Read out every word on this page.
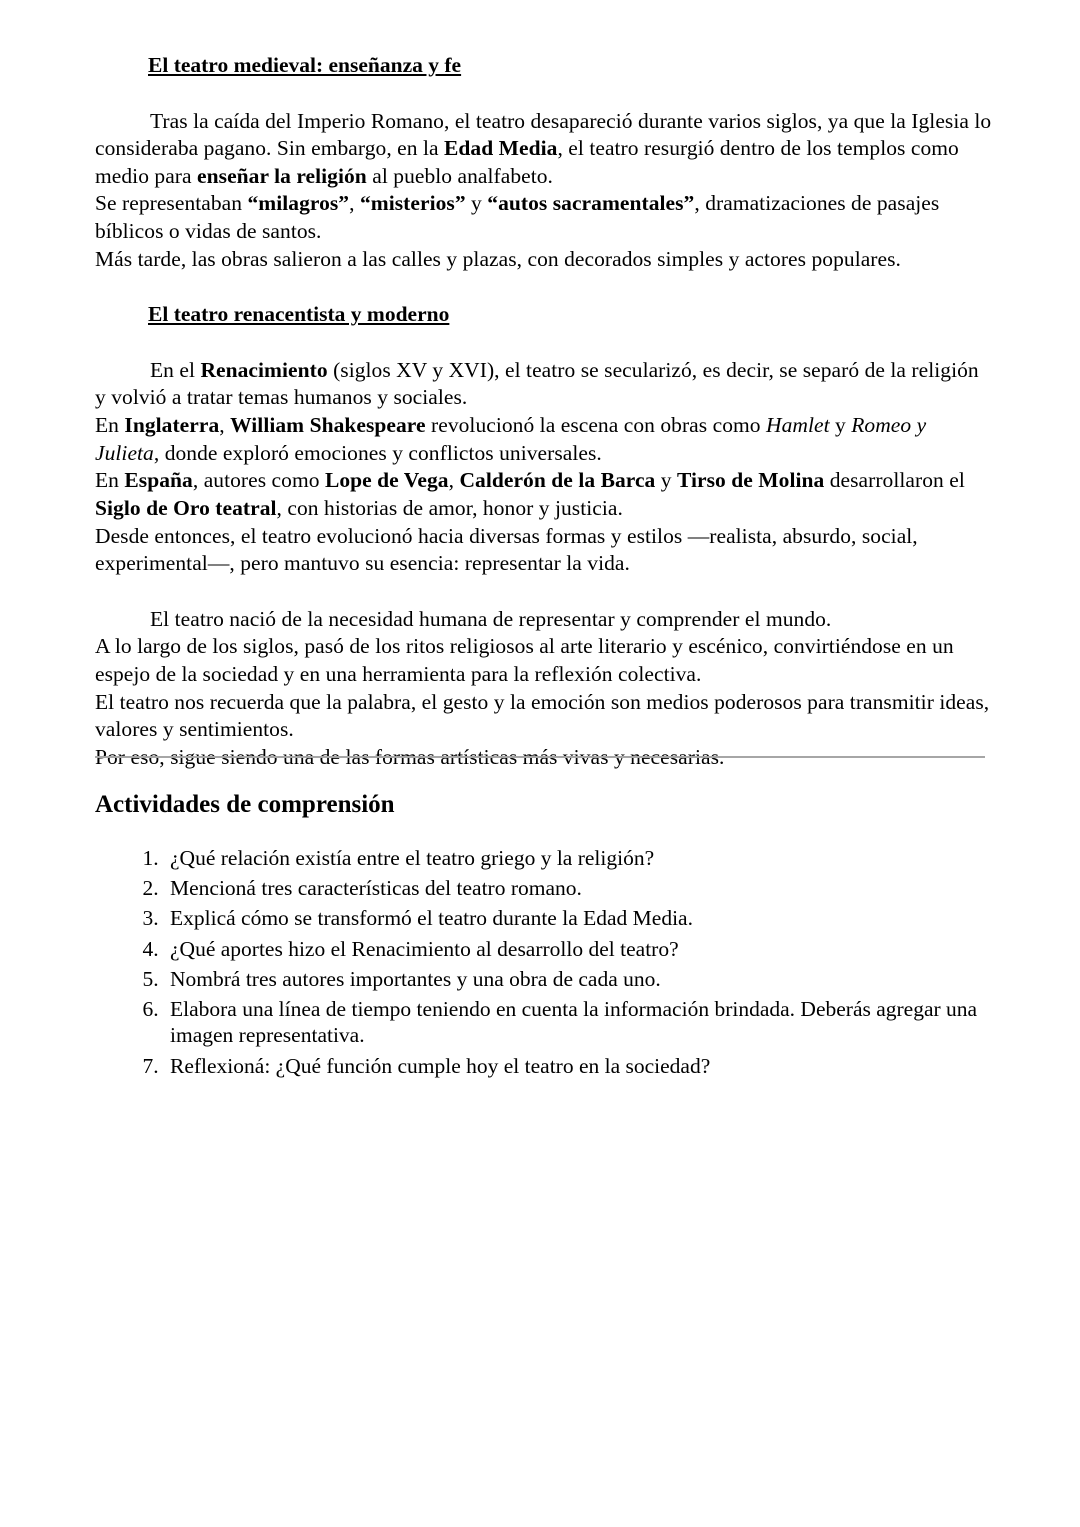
El teatro medieval: enseñanza y fe

Tras la caída del Imperio Romano, el teatro desapareció durante varios siglos, ya que la Iglesia lo consideraba pagano. Sin embargo, en la Edad Media, el teatro resurgió dentro de los templos como medio para enseñar la religión al pueblo analfabeto.

Se representaban “milagros”, “misterios” y “autos sacramentales”, dramatizaciones de pasajes bíblicos o vidas de santos.

Más tarde, las obras salieron a las calles y plazas, con decorados simples y actores populares.

El teatro renacentista y moderno

En el Renacimiento (siglos XV y XVI), el teatro se secularizó, es decir, se separó de la religión y volvió a tratar temas humanos y sociales.

En Inglaterra, William Shakespeare revolucionó la escena con obras como Hamlet y Romeo y Julieta, donde exploró emociones y conflictos universales.

En España, autores como Lope de Vega, Calderón de la Barca y Tirso de Molina desarrollaron el Siglo de Oro teatral, con historias de amor, honor y justicia.

Desde entonces, el teatro evolucionó hacia diversas formas y estilos —realista, absurdo, social, experimental—, pero mantuvo su esencia: representar la vida.

El teatro nació de la necesidad humana de representar y comprender el mundo.

A lo largo de los siglos, pasó de los ritos religiosos al arte literario y escénico, convirtiéndose en un espejo de la sociedad y en una herramienta para la reflexión colectiva.

El teatro nos recuerda que la palabra, el gesto y la emoción son medios poderosos para transmitir ideas, valores y sentimientos.

Por eso, sigue siendo una de las formas artísticas más vivas y necesarias.

Actividades de comprensión
1. ¿Qué relación existía entre el teatro griego y la religión?
2. Mencioná tres características del teatro romano.
3. Explicá cómo se transformó el teatro durante la Edad Media.
4. ¿Qué aportes hizo el Renacimiento al desarrollo del teatro?
5. Nombrá tres autores importantes y una obra de cada uno.
6. Elabora una línea de tiempo teniendo en cuenta la información brindada. Deberás agregar una imagen representativa.
7. Reflexioná: ¿Qué función cumple hoy el teatro en la sociedad?
